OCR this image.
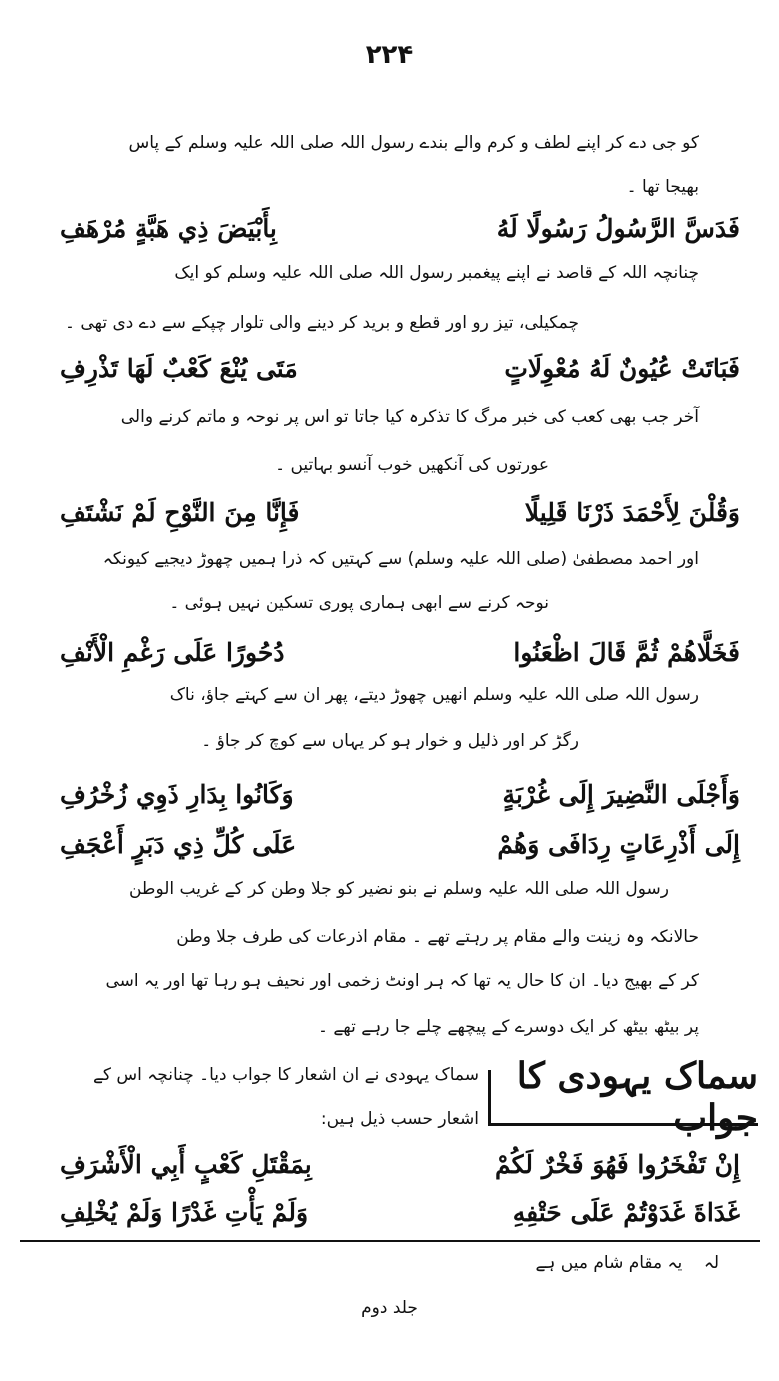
۲۲۴
کو جی دے کر اپنے لطف و کرم والے بندے رسول اللہ صلی اللہ علیہ وسلم کے پاس
بھیجا تھا ۔
فَدَسَّ الرَّسُولُ رَسُولًا لَهُ
بِأَبْيَضَ ذِي هَبَّةٍ مُرْهَفِ
چنانچہ اللہ کے قاصد نے اپنے پیغمبر رسول اللہ صلی اللہ علیہ وسلم کو ایک
چمکیلی، تیز رو اور قطع و برید کر دینے والی تلوار چپکے سے دے دی تھی ۔
فَبَاتَتْ عُيُونٌ لَهُ مُعْوِلَاتٍ
مَتَى يُنْعَ كَعْبٌ لَهَا تَذْرِفِ
آخر جب بھی کعب کی خبر مرگ کا تذکرہ کیا جاتا تو اس پر نوحہ و ماتم کرنے والی
عورتوں کی آنکھیں خوب آنسو بہاتیں ۔
وَقُلْنَ لِأَحْمَدَ ذَرْنَا قَلِيلًا
فَإِنَّا مِنَ النَّوْحِ لَمْ نَشْتَفِ
اور احمد مصطفیٰ (صلی اللہ علیہ وسلم) سے کہتیں کہ ذرا ہمیں چھوڑ دیجیے کیونکہ
نوحہ کرنے سے ابھی ہماری پوری تسکین نہیں ہوئی ۔
فَخَلَّاهُمْ ثُمَّ قَالَ اظْعَنُوا
دُحُورًا عَلَى رَغْمِ الْأَنْفِ
رسول اللہ صلی اللہ علیہ وسلم انھیں چھوڑ دیتے، پھر ان سے کہتے جاؤ، ناک
رگڑ کر اور ذلیل و خوار ہو کر یہاں سے کوچ کر جاؤ ۔
وَأَجْلَى النَّضِيرَ إِلَى غُرْبَةٍ
وَكَانُوا بِدَارِ ذَوِي زُخْرُفِ
إِلَى أَذْرِعَاتٍ رِدَافَى وَهُمْ
عَلَى كُلِّ ذِي دَبَرٍ أَعْجَفِ
رسول اللہ صلی اللہ علیہ وسلم نے بنو نضیر کو جلا وطن کر کے غریب الوطن
حالانکہ وہ زینت والے مقام پر رہتے تھے ۔ مقام اذرعات کی طرف جلا وطن
کر کے بھیج دیا۔ ان کا حال یہ تھا کہ ہر اونٹ زخمی اور نحیف ہو رہا تھا اور یہ اسی
پر بیٹھ بیٹھ کر ایک دوسرے کے پیچھے چلے جا رہے تھے ۔
سماک یہودی کا جواب
سماک یہودی نے ان اشعار کا جواب دیا۔ چنانچہ اس کے
اشعار حسب ذیل ہیں:
إِنْ تَفْخَرُوا فَهُوَ فَخْرٌ لَكُمْ
بِمَقْتَلِ كَعْبٍ أَبِي الْأَشْرَفِ
غَدَاةَ غَدَوْتُمْ عَلَى حَتْفِهِ
وَلَمْ يَأْتِ غَدْرًا وَلَمْ يُخْلِفِ
لہ    یہ مقام شام میں ہے
جلد دوم
